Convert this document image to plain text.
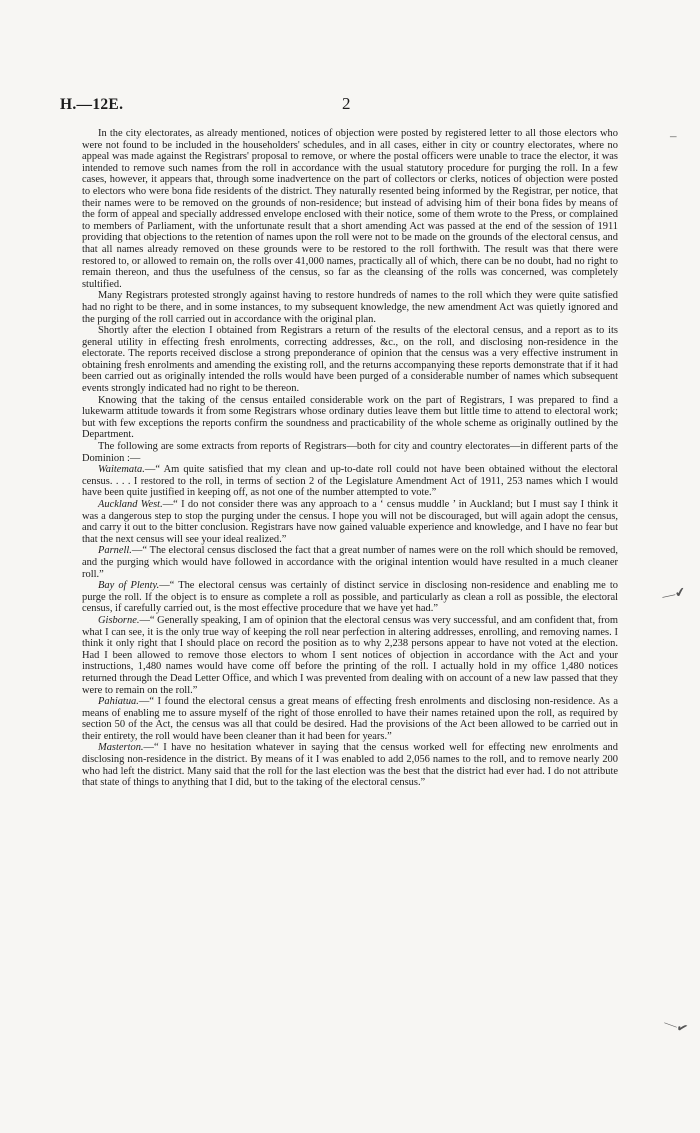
H.—12E.	2

In the city electorates, as already mentioned, notices of objection were posted by registered letter to all those electors who were not found to be included in the householders' schedules, and in all cases, either in city or country electorates, where no appeal was made against the Registrars' proposal to remove, or where the postal officers were unable to trace the elector, it was intended to remove such names from the roll in accordance with the usual statutory procedure for purging the roll. In a few cases, however, it appears that, through some inadvertence on the part of collectors or clerks, notices of objection were posted to electors who were bona fide residents of the district. They naturally resented being informed by the Registrar, per notice, that their names were to be removed on the grounds of non-residence; but instead of advising him of their bona fides by means of the form of appeal and specially addressed envelope enclosed with their notice, some of them wrote to the Press, or complained to members of Parliament, with the unfortunate result that a short amending Act was passed at the end of the session of 1911 providing that objections to the retention of names upon the roll were not to be made on the grounds of the electoral census, and that all names already removed on these grounds were to be restored to the roll forthwith. The result was that there were restored to, or allowed to remain on, the rolls over 41,000 names, practically all of which, there can be no doubt, had no right to remain thereon, and thus the usefulness of the census, so far as the cleansing of the rolls was concerned, was completely stultified.

Many Registrars protested strongly against having to restore hundreds of names to the roll which they were quite satisfied had no right to be there, and in some instances, to my subsequent knowledge, the new amendment Act was quietly ignored and the purging of the roll carried out in accordance with the original plan.

Shortly after the election I obtained from Registrars a return of the results of the electoral census, and a report as to its general utility in effecting fresh enrolments, correcting addresses, &c., on the roll, and disclosing non-residence in the electorate. The reports received disclose a strong preponderance of opinion that the census was a very effective instrument in obtaining fresh enrolments and amending the existing roll, and the returns accompanying these reports demonstrate that if it had been carried out as originally intended the rolls would have been purged of a considerable number of names which subsequent events strongly indicated had no right to be thereon.

Knowing that the taking of the census entailed considerable work on the part of Registrars, I was prepared to find a lukewarm attitude towards it from some Registrars whose ordinary duties leave them but little time to attend to electoral work; but with few exceptions the reports confirm the soundness and practicability of the whole scheme as originally outlined by the Department.

The following are some extracts from reports of Registrars—both for city and country electorates—in different parts of the Dominion :—

Waitemata.—“ Am quite satisfied that my clean and up-to-date roll could not have been obtained without the electoral census. . . . I restored to the roll, in terms of section 2 of the Legislature Amendment Act of 1911, 253 names which I would have been quite justified in keeping off, as not one of the number attempted to vote.”

Auckland West.—“ I do not consider there was any approach to a ‘ census muddle ’ in Auckland; but I must say I think it was a dangerous step to stop the purging under the census. I hope you will not be discouraged, but will again adopt the census, and carry it out to the bitter conclusion. Registrars have now gained valuable experience and knowledge, and I have no fear but that the next census will see your ideal realized.”

Parnell.—“ The electoral census disclosed the fact that a great number of names were on the roll which should be removed, and the purging which would have followed in accordance with the original intention would have resulted in a much cleaner roll.”

Bay of Plenty.—“ The electoral census was certainly of distinct service in disclosing non-residence and enabling me to purge the roll. If the object is to ensure as complete a roll as possible, and particularly as clean a roll as possible, the electoral census, if carefully carried out, is the most effective procedure that we have yet had.”

Gisborne.—“ Generally speaking, I am of opinion that the electoral census was very successful, and am confident that, from what I can see, it is the only true way of keeping the roll near perfection in altering addresses, enrolling, and removing names. I think it only right that I should place on record the position as to why 2,238 persons appear to have not voted at the election. Had I been allowed to remove those electors to whom I sent notices of objection in accordance with the Act and your instructions, 1,480 names would have come off before the printing of the roll. I actually hold in my office 1,480 notices returned through the Dead Letter Office, and which I was prevented from dealing with on account of a new law passed that they were to remain on the roll.”

Pahiatua.—“ I found the electoral census a great means of effecting fresh enrolments and disclosing non-residence. As a means of enabling me to assure myself of the right of those enrolled to have their names retained upon the roll, as required by section 50 of the Act, the census was all that could be desired. Had the provisions of the Act been allowed to be carried out in their entirety, the roll would have been cleaner than it had been for years.”

Masterton.—“ I have no hesitation whatever in saying that the census worked well for effecting new enrolments and disclosing non-residence in the district. By means of it I was enabled to add 2,056 names to the roll, and to remove nearly 200 who had left the district. Many said that the roll for the last election was the best that the district had ever had. I do not attribute that state of things to anything that I did, but to the taking of the electoral census.”

–
—✔
—✔
